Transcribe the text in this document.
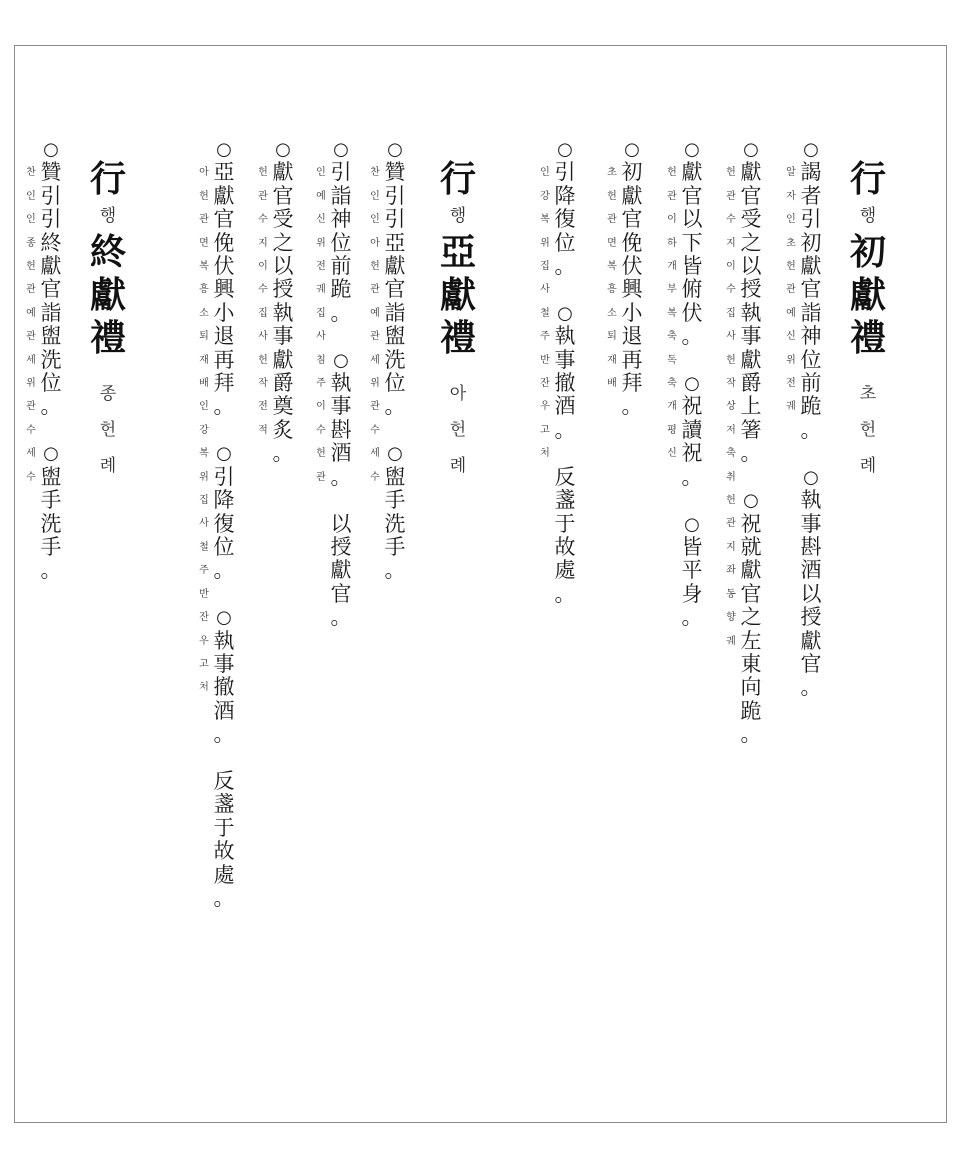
行
행
初
獻
禮
초
헌
례
알
자
인
초
헌
관
예
신
위
전
궤
○
謁
者
引
初
獻
官
詣
神
位
前
跪
。

○
執
事
斟
酒
以
授
獻
官
。
헌
관
수
지
이
수
집
사
헌
작
상
저
축
취
헌
관
지
좌
동
향
궤
○
獻
官
受
之
以
授
執
事
獻
爵
上
箸
。

○
祝
就
獻
官
之
左
東
向
跪
。
헌
관
이
하
개
부
복
축
독
축
개
평
신
○
獻
官
以
下
皆
俯
伏
。

○
祝
讀
祝
。

○
皆
平
身
。
초
헌
관
면
복
흥
소
퇴
재
배
○
初
獻
官
俛
伏
興
小
退
再
拜
。
인
강
복
위
집
사
철
주
반
잔
우
고
처
○
引
降
復
位
。

○
執
事
撤
酒
。

反
盞
于
故
處
。
行
행
亞
獻
禮
아
헌
례
찬
인
인
아
헌
관
예
관
세
위
관
수
세
수
○
贊
引
引
亞
獻
官
詣
盥
洗
位
。

○
盥
手
洗
手
。
인
예
신
위
전
궤
집
사
침
주
이
수
헌
관
○
引
詣
神
位
前
跪
。

○
執
事
斟
酒
。

以
授
獻
官
。
헌
관
수
지
이
수
집
사
헌
작
전
적
○
獻
官
受
之
以
授
執
事
獻
爵
奠
炙
。
아
헌
관
면
복
흥
소
퇴
재
배
인
강
복
위
집
사
철
주
반
잔
우
고
처
○
亞
獻
官
俛
伏
興
小
退
再
拜
。

○
引
降
復
位
。

○
執
事
撤
酒
。

反
盞
于
故
處
。
行
행
終
獻
禮
종
헌
례
찬
인
인
종
헌
관
예
관
세
위
관
수
세
수
○
贊
引
引
終
獻
官
詣
盥
洗
位
。

○
盥
手
洗
手
。
